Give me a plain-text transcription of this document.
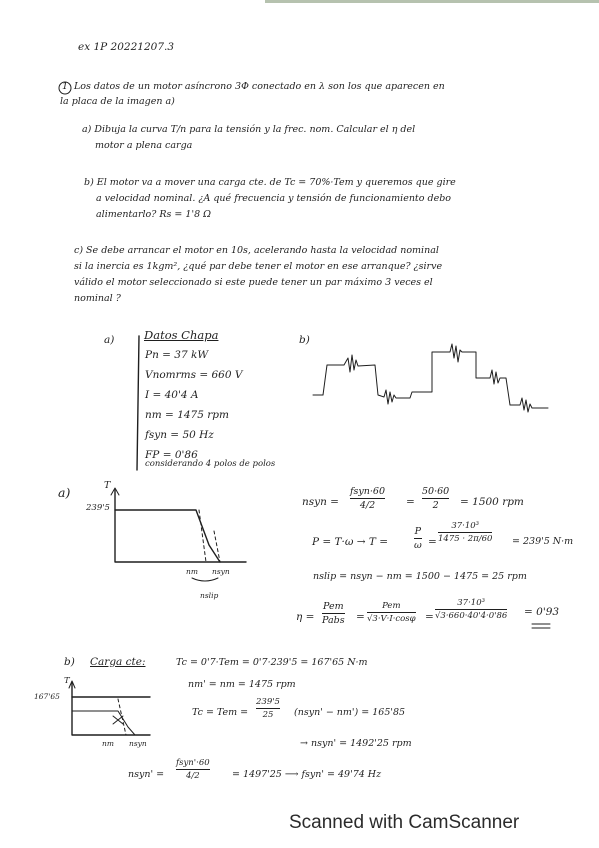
ex 1P 20221207.3
1 Los datos de un motor asíncrono 3Φ conectado en λ son los que aparecen en
la placa de la imagen a)
a) Dibuja la curva T/n para la tensión y la frec. nom. Calcular el η del
motor a plena carga
b) El motor va a mover una carga cte. de Tc = 70%·Tem y queremos que gire
a velocidad nominal. ¿A qué frecuencia y tensión de funcionamiento debo
alimentarlo? Rs = 1'8 Ω
c) Se debe arrancar el motor en 10s, acelerando hasta la velocidad nominal
si la inercia es 1kgm², ¿qué par debe tener el motor en ese arranque? ¿sirve
válido el motor seleccionado si este puede tener un par máximo 3 veces el
nominal ?
a)	Datos Chapa
Pn = 37 kW
Vnomrms = 660 V
I = 40'4 A
nm = 1475 rpm
fsyn = 50 Hz
FP = 0'86
considerando 4 polos de polos
b)
a)	T
239'5
nm nsyn
nslip
nsyn =
fsyn·60
4/2	=
50·60
2 = 1500 rpm
P = T·ω → T =
P
ω =
37·10³
1475 · 2π/60 = 239'5 N·m
nslip = nsyn − nm = 1500 − 1475 = 25 rpm
η =
Pem
Pabs =
Pem
√3·V·I·cosφ =
37·10³
√3·660·40'4·0'86 = 0'93
b) Carga cte:	Tc = 0'7·Tem = 0'7·239'5 = 167'65 N·m
nm' = nm = 1475 rpm
T
167'65
nm nsyn
Tc = Tem =
239'5
25 (nsyn' − nm') = 165'85
→ nsyn' = 1492'25 rpm
nsyn' =
fsyn'·60
4/2	= 1497'25 ⟶ fsyn' = 49'74 Hz
Scanned with CamScanner
